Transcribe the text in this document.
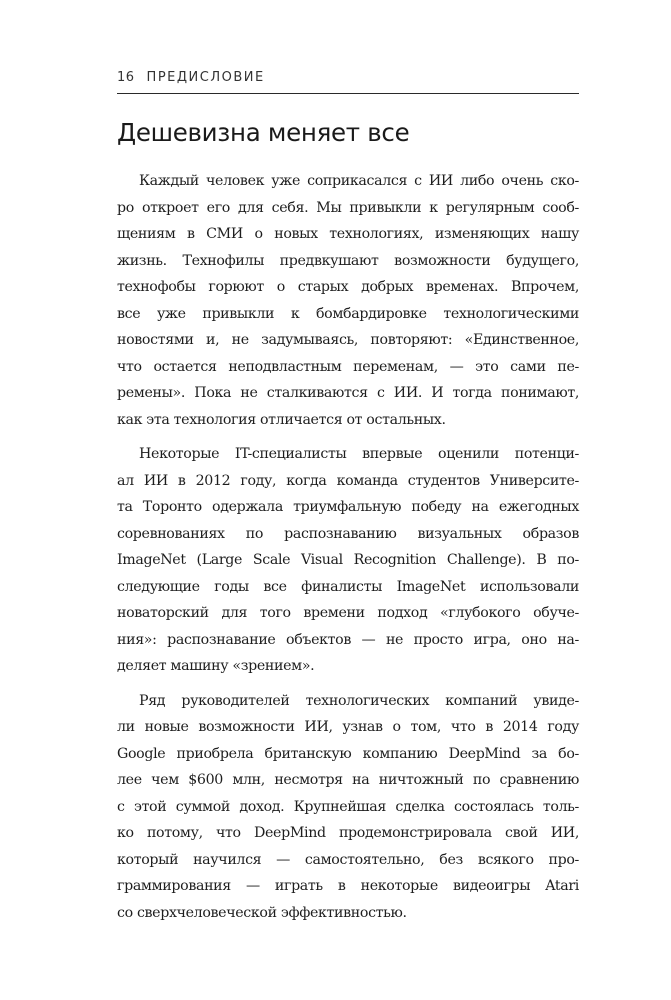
16 ПРЕДИСЛОВИЕ
Дешевизна меняет все

Каждый человек уже соприкасался с ИИ либо очень ско-
ро откроет его для себя. Мы привыкли к регулярным сооб-
щениям в СМИ о новых технологиях, изменяющих нашу
жизнь. Технофилы предвкушают возможности будущего,
технофобы горюют о старых добрых временах. Впрочем,
все уже привыкли к бомбардировке технологическими
новостями и, не задумываясь, повторяют: «Единственное,
что остается неподвластным переменам, — это сами пе-
ремены». Пока не сталкиваются с ИИ. И тогда понимают,
как эта технология отличается от остальных.

Некоторые IT-специалисты впервые оценили потенци-
ал ИИ в 2012 году, когда команда студентов Университе-
та Торонто одержала триумфальную победу на ежегодных
соревнованиях по распознаванию визуальных образов
ImageNet (Large Scale Visual Recognition Challenge). В по-
следующие годы все финалисты ImageNet использовали
новаторский для того времени подход «глубокого обуче-
ния»: распознавание объектов — не просто игра, оно на-
деляет машину «зрением».

Ряд руководителей технологических компаний увиде-
ли новые возможности ИИ, узнав о том, что в 2014 году
Google приобрела британскую компанию DeepMind за бо-
лее чем $600 млн, несмотря на ничтожный по сравнению
с этой суммой доход. Крупнейшая сделка состоялась толь-
ко потому, что DeepMind продемонстрировала свой ИИ,
который научился — самостоятельно, без всякого про-
граммирования — играть в некоторые видеоигры Atari
со сверхчеловеческой эффективностью.
